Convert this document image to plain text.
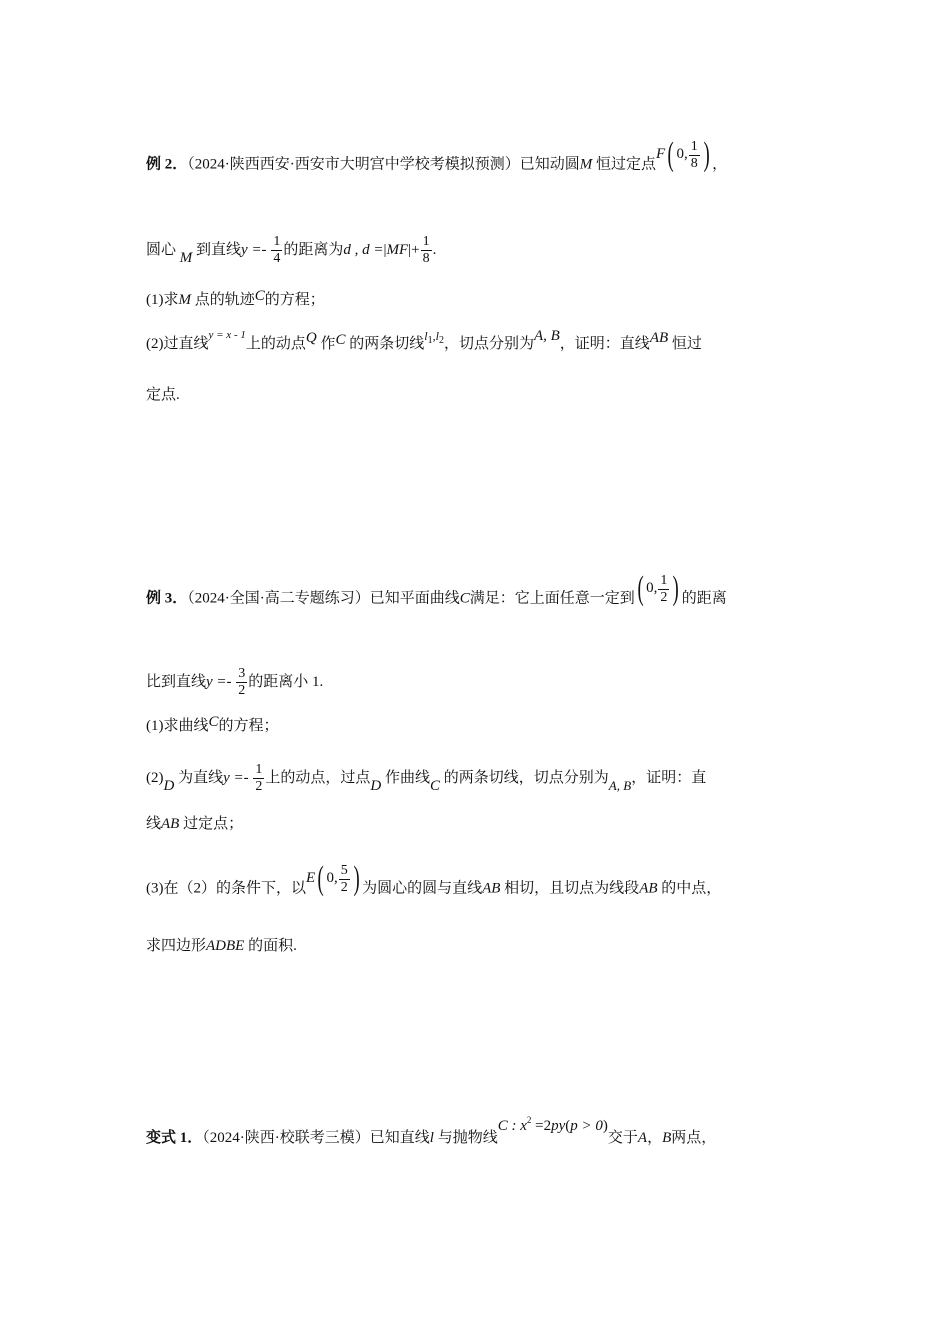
例 2．（2024·陕西西安·西安市大明宫中学校考模拟预测）已知动圆M 恒过定点F( 0, $\frac{1}{8}$ ) ，
圆心 M 到直线$y =- \frac{1}{4}$ 的距离为d , $d =|MF|+ \frac{1}{8}$ .
(1)求M 点的轨迹C的方程；
(2)过直线$^{y = x - 1}$上的动点Q 作C 的两条切线$^{l_1,l_2}$，切点分别为A, B，证明：直线AB 恒过
定点.
例 3．（2024·全国·高二专题练习）已知平面曲线C满足：它上面任意一定到( 0, $\frac{1}{2}$ ) 的距离
比到直线$y =- \frac{3}{2}$ 的距离小 1.
(1)求曲线C的方程；
(2)D 为直线$y =- \frac{1}{2}$ 上的动点，过点D 作曲线C 的两条切线，切点分别为A, B，证明：直
线AB 过定点；
(3)在（2）的条件下，以E( 0, $\frac{5}{2}$ ) 为圆心的圆与直线AB 相切，且切点为线段AB 的中点，
求四边形ADBE 的面积.
变式 1．（2024·陕西·校联考三模）已知直线l 与抛物线C : $x^2 =2py(p > 0)$交于A，B两点，
